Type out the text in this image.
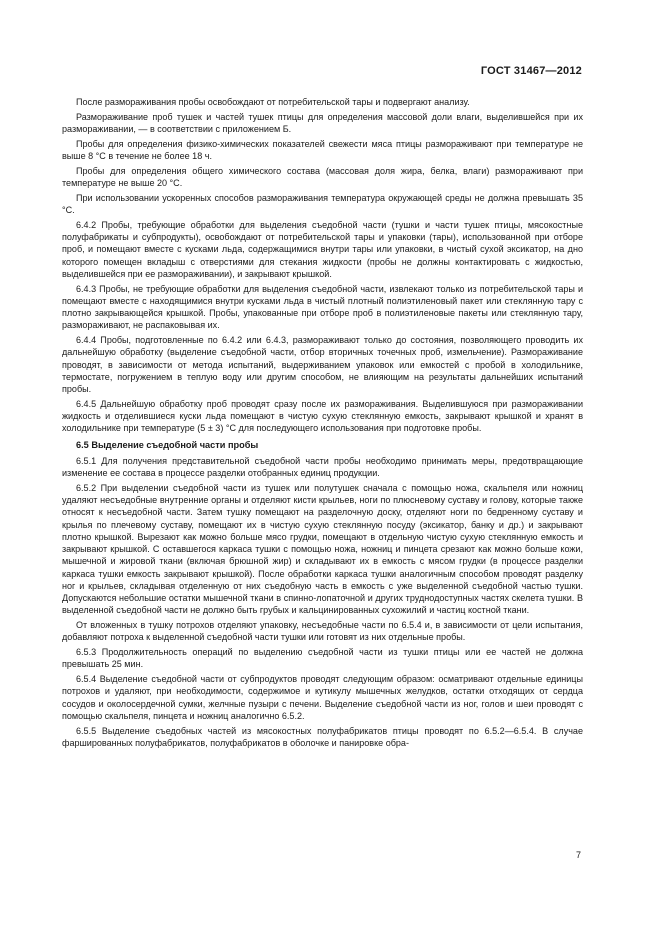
ГОСТ 31467—2012

После размораживания пробы освобождают от потребительской тары и подвергают анализу.

Размораживание проб тушек и частей тушек птицы для определения массовой доли влаги, выделившейся при их размораживании, — в соответствии с приложением Б.

Пробы для определения физико-химических показателей свежести мяса птицы размораживают при температуре не выше 8 °С в течение не более 18 ч.

Пробы для определения общего химического состава (массовая доля жира, белка, влаги) размораживают при температуре не выше 20 °С.

При использовании ускоренных способов размораживания температура окружающей среды не должна превышать 35 °С.

6.4.2 Пробы, требующие обработки для выделения съедобной части (тушки и части тушек птицы, мясокостные полуфабрикаты и субпродукты), освобождают от потребительской тары и упаковки (тары), использованной при отборе проб, и помещают вместе с кусками льда, содержащимися внутри тары или упаковки, в чистый сухой эксикатор, на дно которого помещен вкладыш с отверстиями для стекания жидкости (пробы не должны контактировать с жидкостью, выделившейся при ее размораживании), и закрывают крышкой.

6.4.3 Пробы, не требующие обработки для выделения съедобной части, извлекают только из потребительской тары и помещают вместе с находящимися внутри кусками льда в чистый плотный полиэтиленовый пакет или стеклянную тару с плотно закрывающейся крышкой. Пробы, упакованные при отборе проб в полиэтиленовые пакеты или стеклянную тару, размораживают, не распаковывая их.

6.4.4 Пробы, подготовленные по 6.4.2 или 6.4.3, размораживают только до состояния, позволяющего проводить их дальнейшую обработку (выделение съедобной части, отбор вторичных точечных проб, измельчение). Размораживание проводят, в зависимости от метода испытаний, выдерживанием упаковок или емкостей с пробой в холодильнике, термостате, погружением в теплую воду или другим способом, не влияющим на результаты дальнейших испытаний пробы.

6.4.5 Дальнейшую обработку проб проводят сразу после их размораживания. Выделившуюся при размораживании жидкость и отделившиеся куски льда помещают в чистую сухую стеклянную емкость, закрывают крышкой и хранят в холодильнике при температуре (5 ± 3) °С для последующего использования при подготовке пробы.

6.5 Выделение съедобной части пробы

6.5.1 Для получения представительной съедобной части пробы необходимо принимать меры, предотвращающие изменение ее состава в процессе разделки отобранных единиц продукции.

6.5.2 При выделении съедобной части из тушек или полутушек сначала с помощью ножа, скальпеля или ножниц удаляют несъедобные внутренние органы и отделяют кисти крыльев, ноги по плюсневому суставу и голову, которые также относят к несъедобной части. Затем тушку помещают на разделочную доску, отделяют ноги по бедренному суставу и крылья по плечевому суставу, помещают их в чистую сухую стеклянную посуду (эксикатор, банку и др.) и закрывают плотно крышкой. Вырезают как можно больше мясо грудки, помещают в отдельную чистую сухую стеклянную емкость и закрывают крышкой. С оставшегося каркаса тушки с помощью ножа, ножниц и пинцета срезают как можно больше кожи, мышечной и жировой ткани (включая брюшной жир) и складывают их в емкость с мясом грудки (в процессе разделки каркаса тушки емкость закрывают крышкой). После обработки каркаса тушки аналогичным способом проводят разделку ног и крыльев, складывая отделенную от них съедобную часть в емкость с уже выделенной съедобной частью тушки. Допускаются небольшие остатки мышечной ткани в спинно-лопаточной и других труднодоступных частях скелета тушки. В выделенной съедобной части не должно быть грубых и кальцинированных сухожилий и частиц костной ткани.

От вложенных в тушку потрохов отделяют упаковку, несъедобные части по 6.5.4 и, в зависимости от цели испытания, добавляют потроха к выделенной съедобной части тушки или готовят из них отдельные пробы.

6.5.3 Продолжительность операций по выделению съедобной части из тушки птицы или ее частей не должна превышать 25 мин.

6.5.4 Выделение съедобной части от субпродуктов проводят следующим образом: осматривают отдельные единицы потрохов и удаляют, при необходимости, содержимое и кутикулу мышечных желудков, остатки отходящих от сердца сосудов и околосердечной сумки, желчные пузыри с печени. Выделение съедобной части из ног, голов и шеи проводят с помощью скальпеля, пинцета и ножниц аналогично 6.5.2.

6.5.5 Выделение съедобных частей из мясокостных полуфабрикатов птицы проводят по 6.5.2—6.5.4. В случае фаршированных полуфабрикатов, полуфабрикатов в оболочке и панировке обра-

7
